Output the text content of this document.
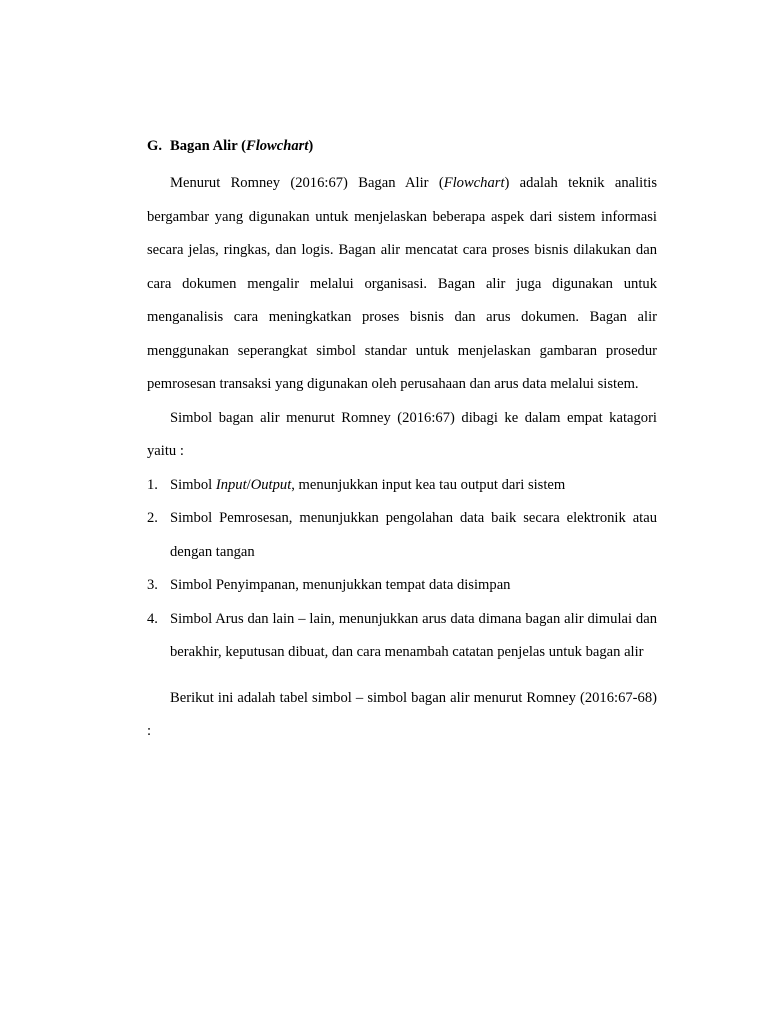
G. Bagan Alir (Flowchart)

Menurut Romney (2016:67) Bagan Alir (Flowchart) adalah teknik analitis bergambar yang digunakan untuk menjelaskan beberapa aspek dari sistem informasi secara jelas, ringkas, dan logis. Bagan alir mencatat cara proses bisnis dilakukan dan cara dokumen mengalir melalui organisasi. Bagan alir juga digunakan untuk menganalisis cara meningkatkan proses bisnis dan arus dokumen. Bagan alir menggunakan seperangkat simbol standar untuk menjelaskan gambaran prosedur pemrosesan transaksi yang digunakan oleh perusahaan dan arus data melalui sistem.

Simbol bagan alir menurut Romney (2016:67) dibagi ke dalam empat katagori yaitu :

1. Simbol Input/Output, menunjukkan input kea tau output dari sistem
2. Simbol Pemrosesan, menunjukkan pengolahan data baik secara elektronik atau dengan tangan
3. Simbol Penyimpanan, menunjukkan tempat data disimpan
4. Simbol Arus dan lain – lain, menunjukkan arus data dimana bagan alir dimulai dan berakhir, keputusan dibuat, dan cara menambah catatan penjelas untuk bagan alir

Berikut ini adalah tabel simbol – simbol bagan alir menurut Romney (2016:67-68) :
